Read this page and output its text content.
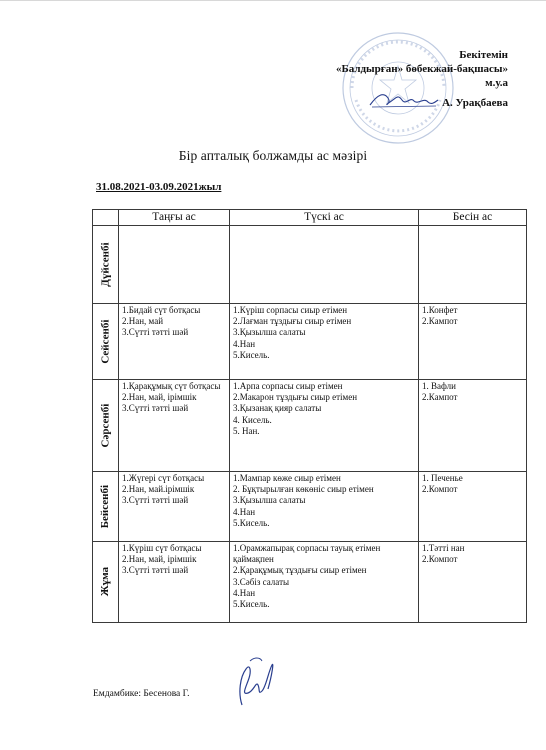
Бекітемін
«Балдырған» бөбекжай-бақшасы»
м.у.а
А. Урақбаева
Бір апталық болжамды ас мәзірі
31.08.2021-03.09.2021жыл
	Таңғы ас	Түскі ас	Бесін ас

Дүйсенбі			

Сейсенбі	1.Бидай сүт ботқасы
2.Нан, май
3.Сүтті тәтті шәй	1.Күріш сорпасы сиыр етімен
2.Лағман тұздығы сиыр етімен
3.Қызылша салаты
4.Нан
5.Кисель.	1.Конфет
2.Кампот

Сәрсенбі	1.Қарақұмық сүт ботқасы
2.Нан, май, ірімшік
3.Сүтті тәтті шәй	1.Арпа сорпасы сиыр етімен
2.Макарон тұздығы сиыр етімен
3.Қызанақ қияр салаты
4. Кисель.
5. Нан.	1. Вафли
2.Кампот

Бейсенбі	1.Жүгері сүт ботқасы
2.Нан, май.ірімшік
3.Сүтті тәтті шәй	1.Мампар көже сиыр етімен
2. Бұқтырылған көкөніс сиыр етімен
3.Қызылша салаты
4.Нан
5.Кисель.	1. Печенье
2.Компот

Жұма	1.Күріш сүт ботқасы
2.Нан, май, ірімшік
3.Сүтті тәтті шәй	1.Орамжапырақ сорпасы тауық етімен қаймақпен
2.Қарақұмық тұздығы сиыр етімен
3.Сәбіз салаты
4.Нан
5.Кисель.	1.Тәтті нан
2.Компот
Емдамбике: Бесенова Г.
